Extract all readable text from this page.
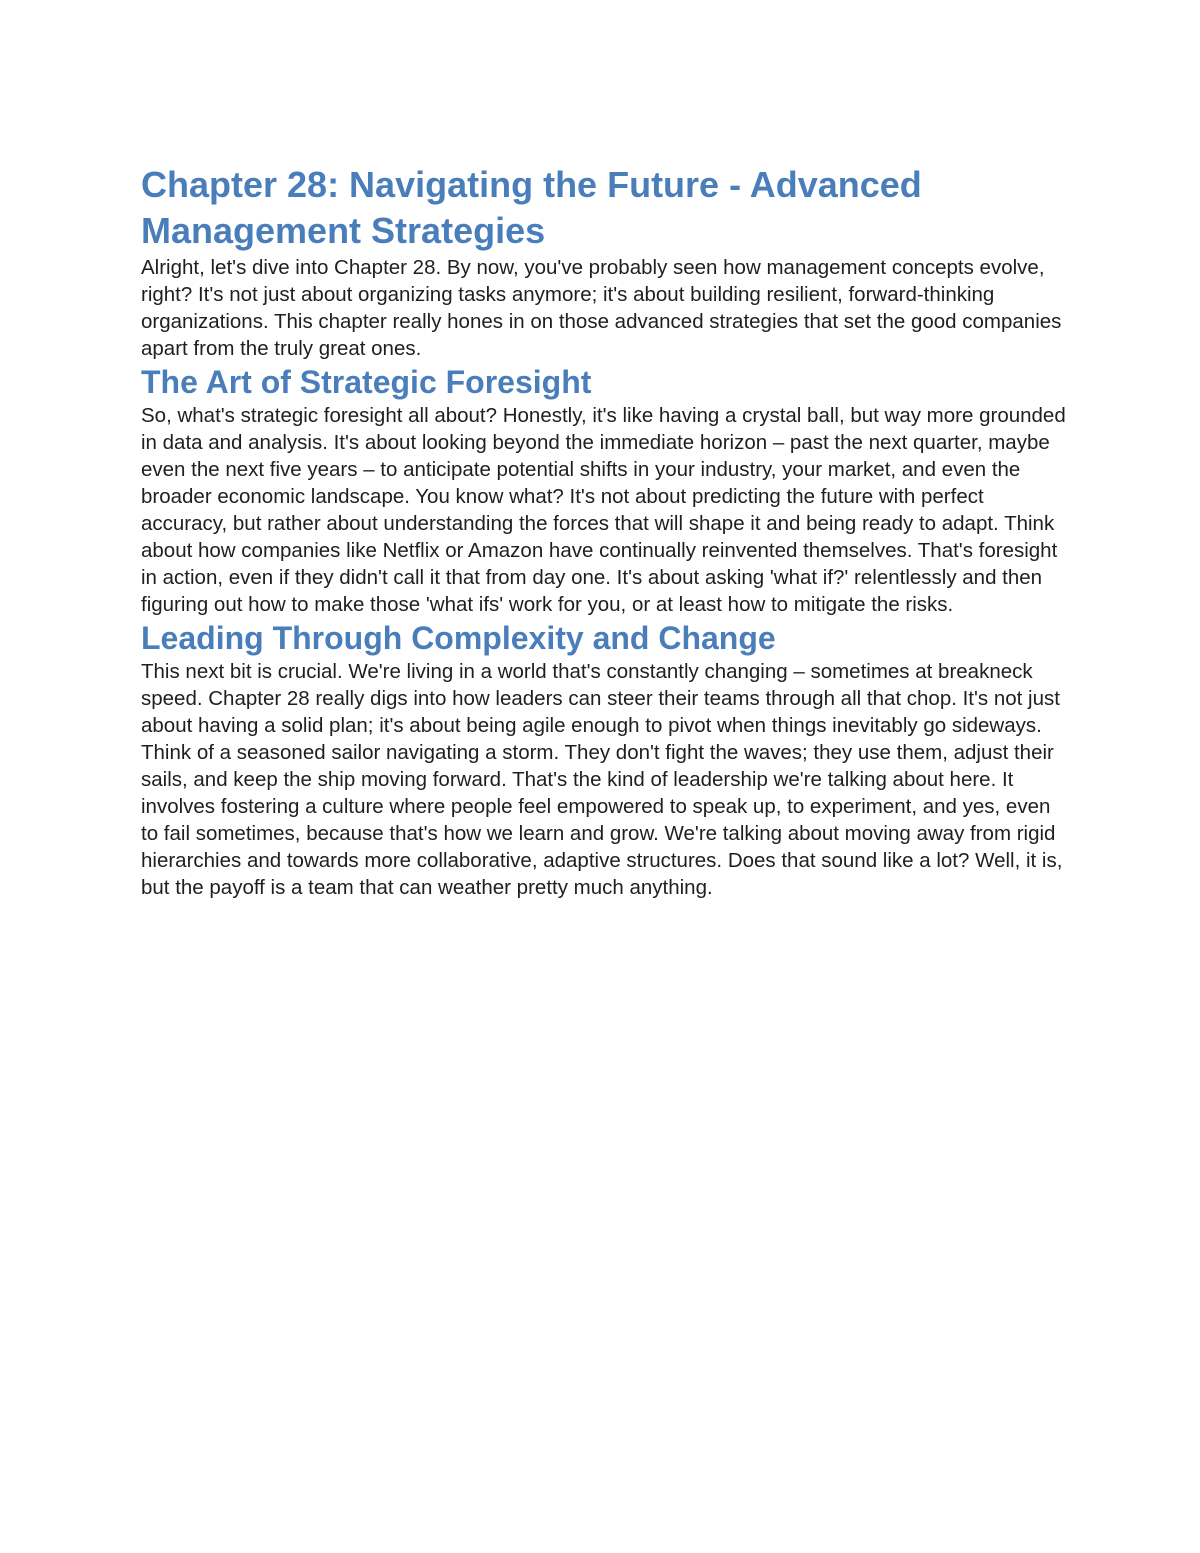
Chapter 28: Navigating the Future - Advanced Management Strategies

Alright, let's dive into Chapter 28. By now, you've probably seen how management concepts evolve, right? It's not just about organizing tasks anymore; it's about building resilient, forward-thinking organizations. This chapter really hones in on those advanced strategies that set the good companies apart from the truly great ones.

The Art of Strategic Foresight

So, what's strategic foresight all about? Honestly, it's like having a crystal ball, but way more grounded in data and analysis. It's about looking beyond the immediate horizon – past the next quarter, maybe even the next five years – to anticipate potential shifts in your industry, your market, and even the broader economic landscape. You know what? It's not about predicting the future with perfect accuracy, but rather about understanding the forces that will shape it and being ready to adapt. Think about how companies like Netflix or Amazon have continually reinvented themselves. That's foresight in action, even if they didn't call it that from day one. It's about asking 'what if?' relentlessly and then figuring out how to make those 'what ifs' work for you, or at least how to mitigate the risks.

Leading Through Complexity and Change

This next bit is crucial. We're living in a world that's constantly changing – sometimes at breakneck speed. Chapter 28 really digs into how leaders can steer their teams through all that chop. It's not just about having a solid plan; it's about being agile enough to pivot when things inevitably go sideways. Think of a seasoned sailor navigating a storm. They don't fight the waves; they use them, adjust their sails, and keep the ship moving forward. That's the kind of leadership we're talking about here. It involves fostering a culture where people feel empowered to speak up, to experiment, and yes, even to fail sometimes, because that's how we learn and grow. We're talking about moving away from rigid hierarchies and towards more collaborative, adaptive structures. Does that sound like a lot? Well, it is, but the payoff is a team that can weather pretty much anything.
